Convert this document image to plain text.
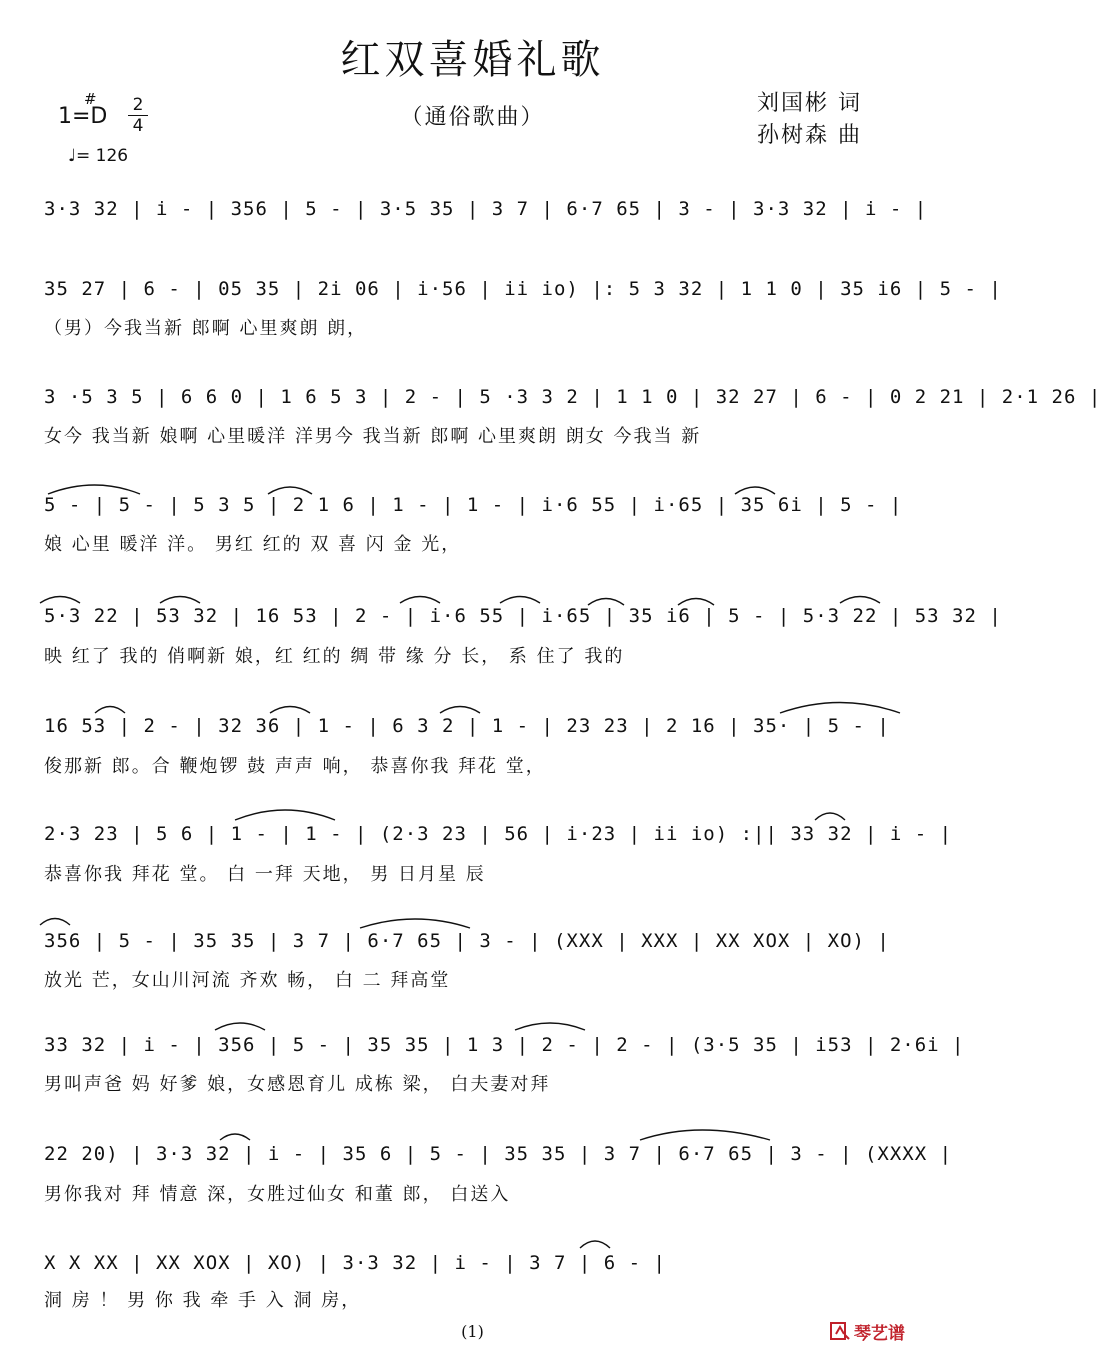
红双喜婚礼歌
（通俗歌曲）
#
1=D 2
4
♩= 126
刘国彬 词
孙树森 曲
3·3 32 | i - | 356 | 5 - | 3·5 35 | 3 7 | 6·7 65 | 3 - | 3·3 32 | i - |
35 27 | 6 - | 05 35 | 2i 06 | i·56 | ii io) |: 5 3 32 | 1 1 0 | 35 i6 | 5 - |
（男）今我当新 郎啊 心里爽朗 朗，
3 ·5 3 5 | 6 6 0 | 1 6 5 3 | 2 - | 5 ·3 3 2 | 1 1 0 | 32 27 | 6 - | 0 2 21 | 2·1 26 |
女今 我当新 娘啊 心里暖洋 洋男今 我当新 郎啊 心里爽朗 朗女 今我当 新
5 - | 5 - | 5 3 5 | 2 1 6 | 1 - | 1 - | i·6 55 | i·65 | 35 6i | 5 - |
娘 心里 暖洋 洋。 男红 红的 双 喜 闪 金 光，
5·3 22 | 53 32 | 16 53 | 2 - | i·6 55 | i·65 | 35 i6 | 5 - | 5·3 22 | 53 32 |
映 红了 我的 俏啊新 娘，红 红的 绸 带 缘 分 长， 系 住了 我的
16 53 | 2 - | 32 36 | 1 - | 6 3 2 | 1 - | 23 23 | 2 16 | 35· | 5 - |
俊那新 郎。合 鞭炮锣 鼓 声声 响， 恭喜你我 拜花 堂，
2·3 23 | 5 6 | 1 - | 1 - | (2·3 23 | 56 | i·23 | ii io) :|| 33 32 | i - |
恭喜你我 拜花 堂。 白 一拜 天地， 男 日月星 辰
356 | 5 - | 35 35 | 3 7 | 6·7 65 | 3 - | (XXX | XXX | XX XOX | XO) |
放光 芒，女山川河流 齐欢 畅， 白 二 拜高堂
33 32 | i - | 356 | 5 - | 35 35 | 1 3 | 2 - | 2 - | (3·5 35 | i53 | 2·6i |
男叫声爸 妈 好爹 娘，女感恩育儿 成栋 梁， 白夫妻对拜
22 20) | 3·3 32 | i - | 35 6 | 5 - | 35 35 | 3 7 | 6·7 65 | 3 - | (XXXX |
男你我对 拜 情意 深，女胜过仙女 和董 郎， 白送入
X X XX | XX XOX | XO) | 3·3 32 | i - | 3 7 | 6 - |
洞 房 ！ 男 你 我 牵 手 入 洞 房，
(1)	琴艺谱
